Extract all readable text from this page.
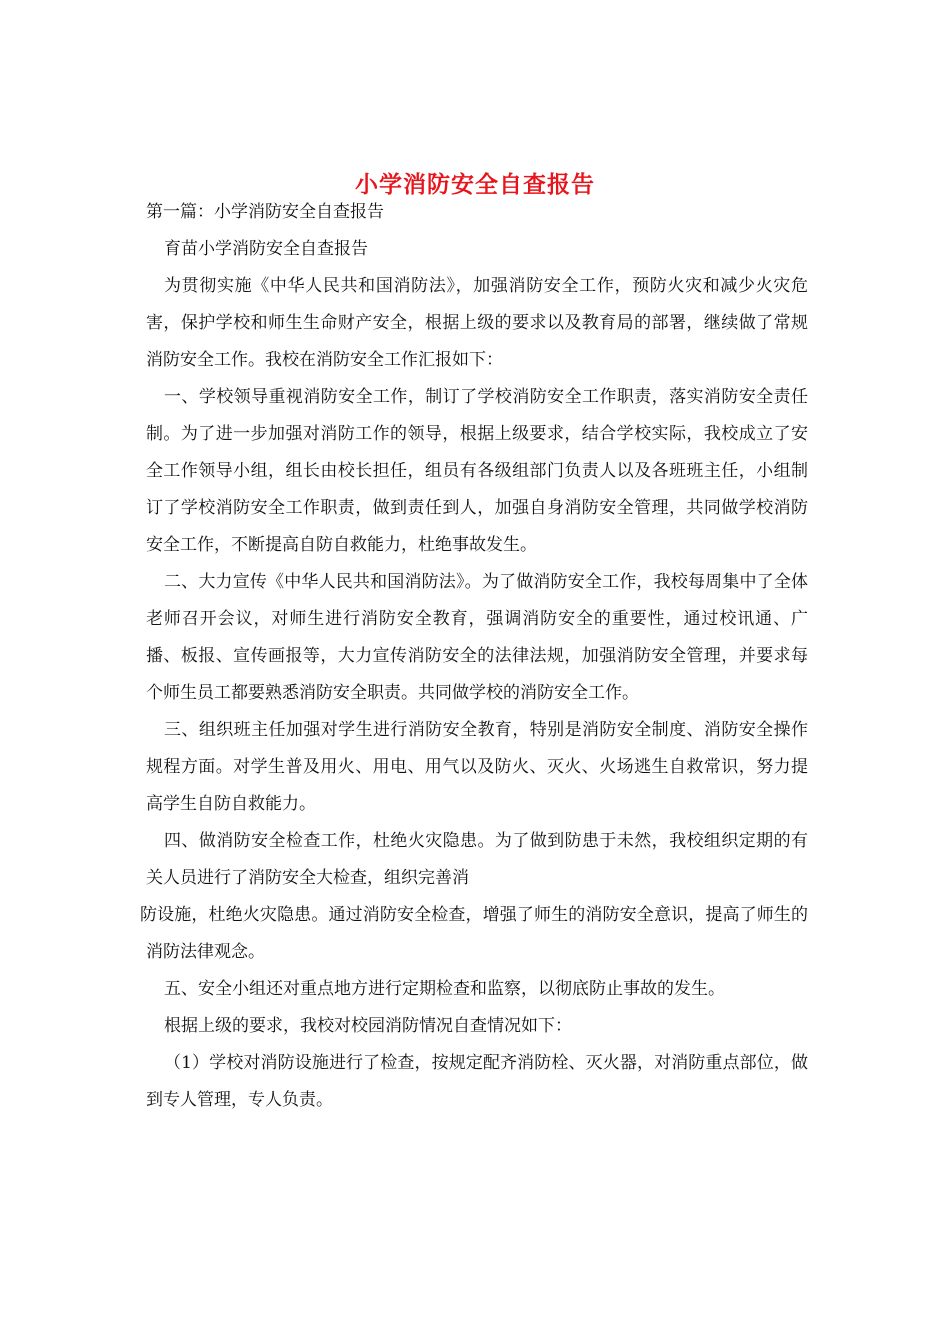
小学消防安全自查报告

第一篇：小学消防安全自查报告

育苗小学消防安全自查报告

为贯彻实施《中华人民共和国消防法》，加强消防安全工作，预防火灾和减少火灾危害，保护学校和师生生命财产安全，根据上级的要求以及教育局的部署，继续做了常规消防安全工作。我校在消防安全工作汇报如下：

一、学校领导重视消防安全工作，制订了学校消防安全工作职责，落实消防安全责任制。为了进一步加强对消防工作的领导，根据上级要求，结合学校实际，我校成立了安全工作领导小组，组长由校长担任，组员有各级组部门负责人以及各班班主任，小组制订了学校消防安全工作职责，做到责任到人，加强自身消防安全管理，共同做学校消防安全工作，不断提高自防自救能力，杜绝事故发生。

二、大力宣传《中华人民共和国消防法》。为了做消防安全工作，我校每周集中了全体老师召开会议，对师生进行消防安全教育，强调消防安全的重要性，通过校讯通、广播、板报、宣传画报等，大力宣传消防安全的法律法规，加强消防安全管理，并要求每个师生员工都要熟悉消防安全职责。共同做学校的消防安全工作。

三、组织班主任加强对学生进行消防安全教育，特别是消防安全制度、消防安全操作规程方面。对学生普及用火、用电、用气以及防火、灭火、火场逃生自救常识，努力提高学生自防自救能力。

四、做消防安全检查工作，杜绝火灾隐患。为了做到防患于未然，我校组织定期的有关人员进行了消防安全大检查，组织完善消

防设施，杜绝火灾隐患。通过消防安全检查，增强了师生的消防安全意识，提高了师生的消防法律观念。

五、安全小组还对重点地方进行定期检查和监察，以彻底防止事故的发生。

根据上级的要求，我校对校园消防情况自查情况如下：

（1）学校对消防设施进行了检查，按规定配齐消防栓、灭火器，对消防重点部位，做到专人管理，专人负责。
